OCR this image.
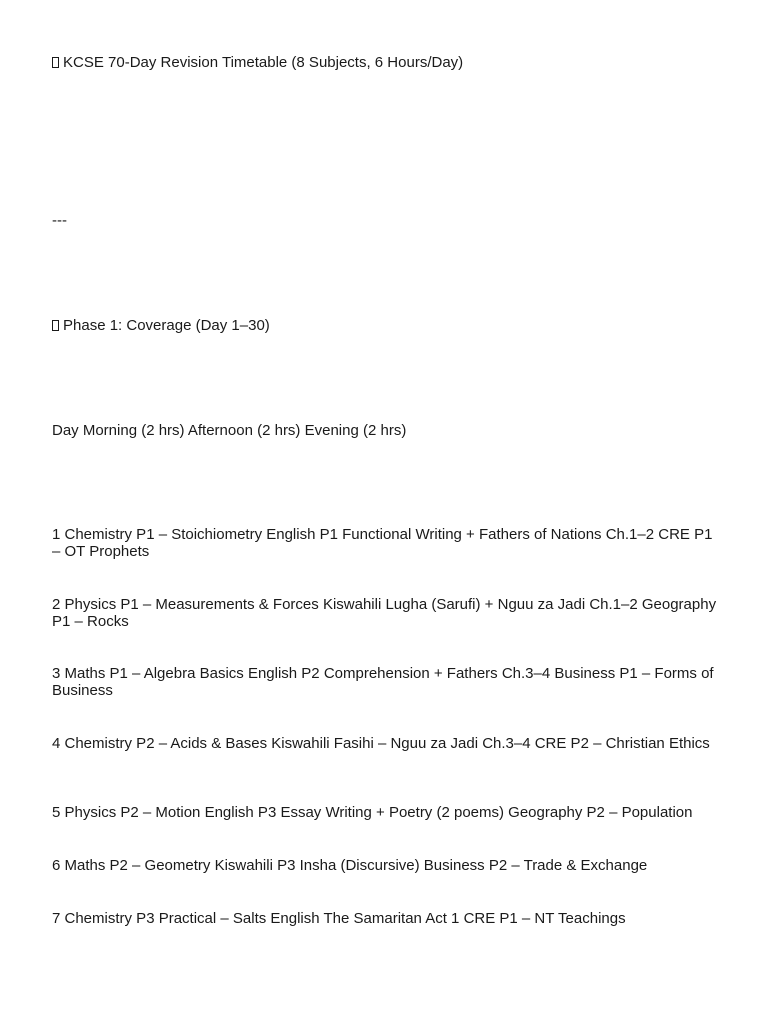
KCSE 70-Day Revision Timetable (8 Subjects, 6 Hours/Day)

---

Phase 1: Coverage (Day 1–30)

Day Morning (2 hrs) Afternoon (2 hrs) Evening (2 hrs)

1 Chemistry P1 – Stoichiometry English P1 Functional Writing + Fathers of Nations Ch.1–2 CRE P1 – OT Prophets

2 Physics P1 – Measurements & Forces Kiswahili Lugha (Sarufi) + Nguu za Jadi Ch.1–2 Geography P1 – Rocks

3 Maths P1 – Algebra Basics English P2 Comprehension + Fathers Ch.3–4 Business P1 – Forms of Business

4 Chemistry P2 – Acids & Bases Kiswahili Fasihi – Nguu za Jadi Ch.3–4 CRE P2 – Christian Ethics

5 Physics P2 – Motion English P3 Essay Writing + Poetry (2 poems) Geography P2 – Population

6 Maths P2 – Geometry Kiswahili P3 Insha (Discursive) Business P2 – Trade & Exchange

7 Chemistry P3 Practical – Salts English The Samaritan Act 1 CRE P1 – NT Teachings
